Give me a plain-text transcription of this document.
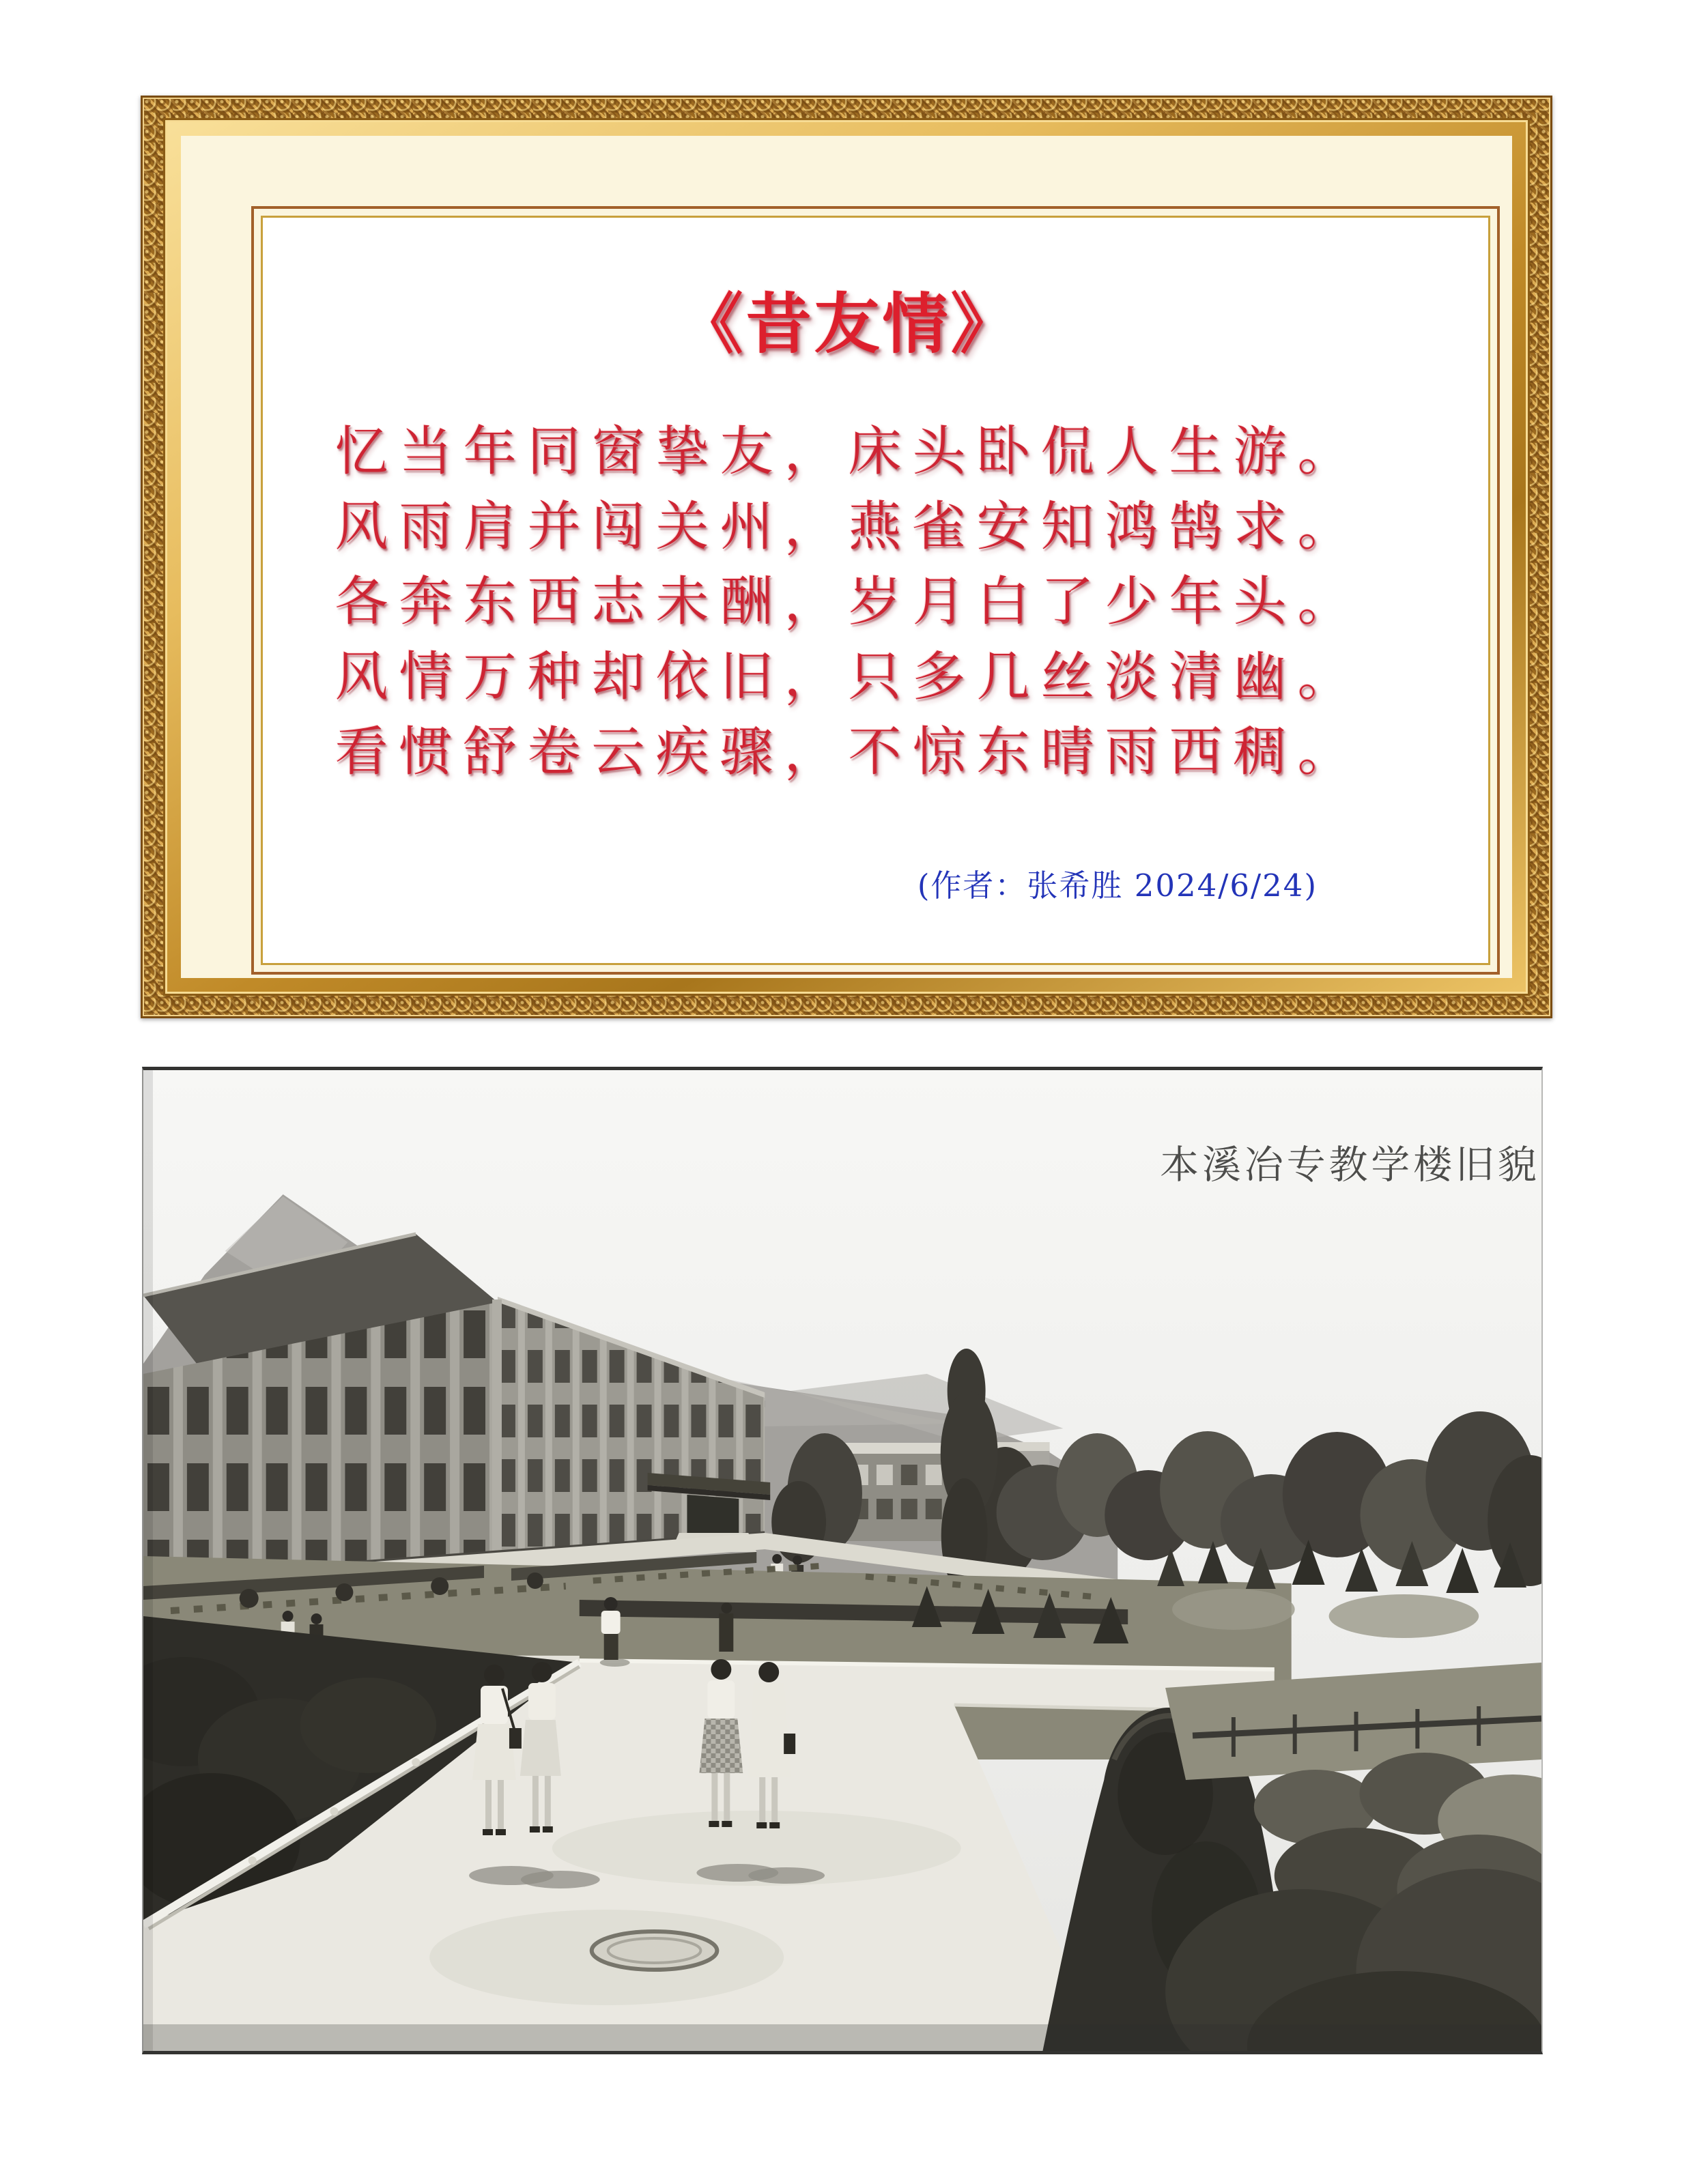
《昔友情》
忆当年同窗挚友，床头卧侃人生游。
风雨肩并闯关州，燕雀安知鸿鹄求。
各奔东西志未酬，岁月白了少年头。
风情万种却依旧，只多几丝淡清幽。
看惯舒卷云疾骤，不惊东晴雨西稠。
(作者：张希胜 2024/6/24)
本溪冶专教学楼旧貌
